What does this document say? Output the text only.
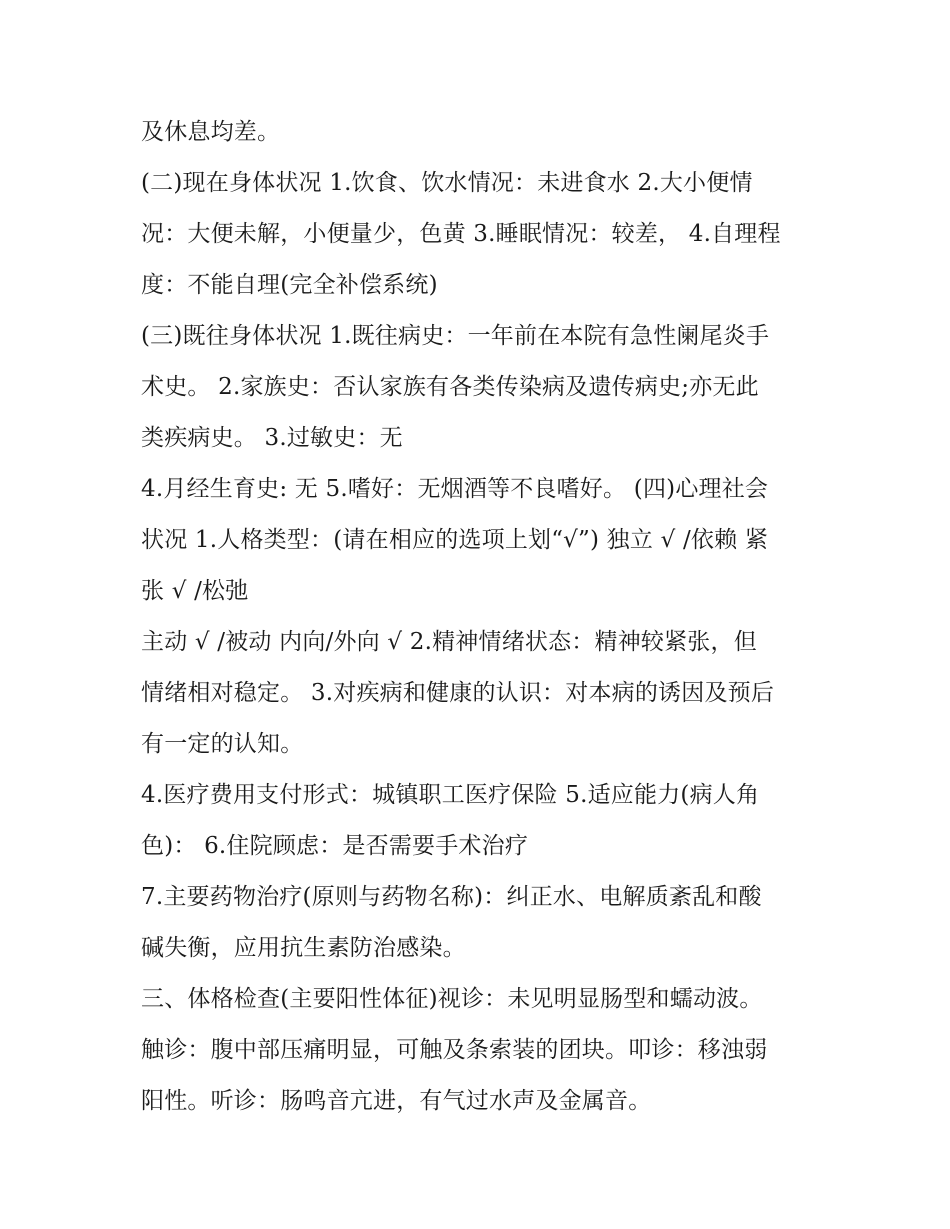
及休息均差。
(二)现在身体状况 1.饮食、饮水情况：未进食水 2.大小便情
况：大便未解，小便量少，色黄 3.睡眠情况：较差， 4.自理程
度：不能自理(完全补偿系统)
(三)既往身体状况 1.既往病史：一年前在本院有急性阑尾炎手
术史。 2.家族史：否认家族有各类传染病及遗传病史;亦无此
类疾病史。 3.过敏史：无
4.月经生育史: 无 5.嗜好：无烟酒等不良嗜好。 (四)心理社会
状况 1.人格类型：(请在相应的选项上划“√”) 独立 √ /依赖 紧
张 √ /松弛
主动 √ /被动 内向/外向 √ 2.精神情绪状态：精神较紧张，但
情绪相对稳定。 3.对疾病和健康的认识：对本病的诱因及预后
有一定的认知。
4.医疗费用支付形式：城镇职工医疗保险 5.适应能力(病人角
色)： 6.住院顾虑：是否需要手术治疗
7.主要药物治疗(原则与药物名称)：纠正水、电解质紊乱和酸
碱失衡，应用抗生素防治感染。
三、体格检查(主要阳性体征)视诊：未见明显肠型和蠕动波。
触诊：腹中部压痛明显，可触及条索装的团块。叩诊：移浊弱
阳性。听诊：肠鸣音亢进，有气过水声及金属音。
